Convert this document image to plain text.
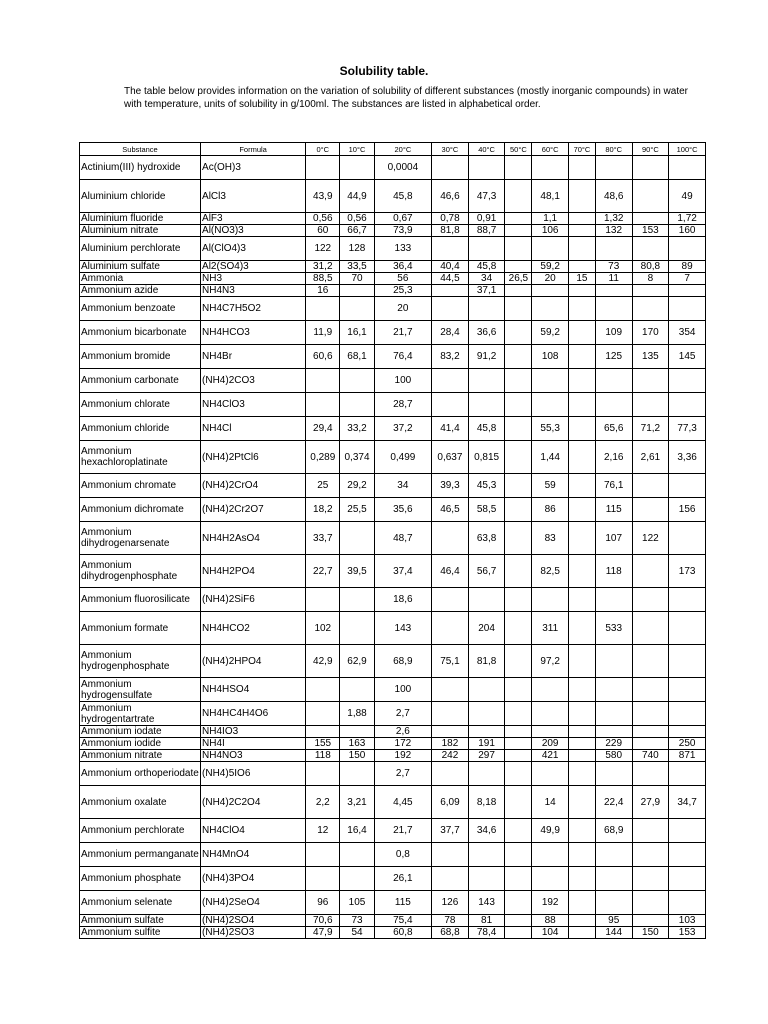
Solubility table.
The table below provides information on the variation of solubility of different substances (mostly inorganic compounds) in water with temperature, units of solubility in g/100ml. The substances are listed in alphabetical order.
Substance	Formula	0°C	10°C	20°C	30°C	40°C	50°C	60°C	70°C	80°C	90°C	100°C
Actinium(III) hydroxide	Ac(OH)3			0,0004								
Aluminium chloride	AlCl3	43,9	44,9	45,8	46,6	47,3		48,1		48,6		49
Aluminium fluoride	AlF3	0,56	0,56	0,67	0,78	0,91		1,1		1,32		1,72
Aluminium nitrate	Al(NO3)3	60	66,7	73,9	81,8	88,7		106		132	153	160
Aluminium perchlorate	Al(ClO4)3	122	128	133								
Aluminium sulfate	Al2(SO4)3	31,2	33,5	36,4	40,4	45,8		59,2		73	80,8	89
Ammonia	NH3	88,5	70	56	44,5	34	26,5	20	15	11	8	7
Ammonium azide	NH4N3	16		25,3		37,1						
Ammonium benzoate	NH4C7H5O2			20								
Ammonium bicarbonate	NH4HCO3	11,9	16,1	21,7	28,4	36,6		59,2		109	170	354
Ammonium bromide	NH4Br	60,6	68,1	76,4	83,2	91,2		108		125	135	145
Ammonium carbonate	(NH4)2CO3			100								
Ammonium chlorate	NH4ClO3			28,7								
Ammonium chloride	NH4Cl	29,4	33,2	37,2	41,4	45,8		55,3		65,6	71,2	77,3
Ammonium hexachloroplatinate	(NH4)2PtCl6	0,289	0,374	0,499	0,637	0,815		1,44		2,16	2,61	3,36
Ammonium chromate	(NH4)2CrO4	25	29,2	34	39,3	45,3		59		76,1		
Ammonium dichromate	(NH4)2Cr2O7	18,2	25,5	35,6	46,5	58,5		86		115		156
Ammonium dihydrogenarsenate	NH4H2AsO4	33,7		48,7		63,8		83		107	122	
Ammonium dihydrogenphosphate	NH4H2PO4	22,7	39,5	37,4	46,4	56,7		82,5		118		173
Ammonium fluorosilicate	(NH4)2SiF6			18,6								
Ammonium formate	NH4HCO2	102		143		204		311		533		
Ammonium hydrogenphosphate	(NH4)2HPO4	42,9	62,9	68,9	75,1	81,8		97,2				
Ammonium hydrogensulfate	NH4HSO4			100								
Ammonium hydrogentartrate	NH4HC4H4O6		1,88	2,7								
Ammonium iodate	NH4IO3			2,6								
Ammonium iodide	NH4I	155	163	172	182	191		209		229		250
Ammonium nitrate	NH4NO3	118	150	192	242	297		421		580	740	871
Ammonium orthoperiodate	(NH4)5IO6			2,7								
Ammonium oxalate	(NH4)2C2O4	2,2	3,21	4,45	6,09	8,18		14		22,4	27,9	34,7
Ammonium perchlorate	NH4ClO4	12	16,4	21,7	37,7	34,6		49,9		68,9		
Ammonium permanganate	NH4MnO4			0,8								
Ammonium phosphate	(NH4)3PO4			26,1								
Ammonium selenate	(NH4)2SeO4	96	105	115	126	143		192				
Ammonium sulfate	(NH4)2SO4	70,6	73	75,4	78	81		88		95		103
Ammonium sulfite	(NH4)2SO3	47,9	54	60,8	68,8	78,4		104		144	150	153
